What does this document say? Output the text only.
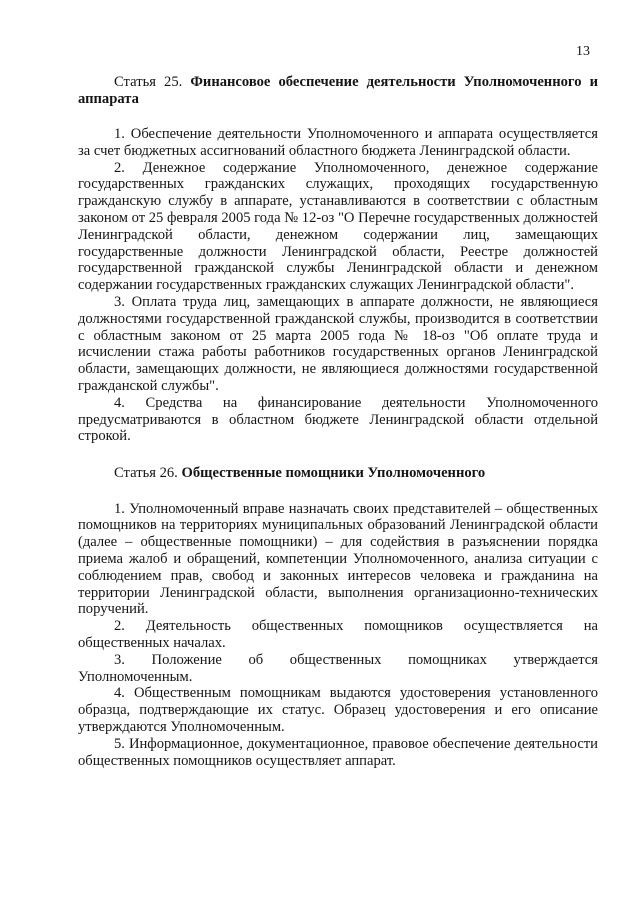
13

Статья 25. Финансовое обеспечение деятельности Уполномоченного и аппарата

1. Обеспечение деятельности Уполномоченного и аппарата осуществляется за счет бюджетных ассигнований областного бюджета Ленинградской области.

2. Денежное содержание Уполномоченного, денежное содержание государственных гражданских служащих, проходящих государственную гражданскую службу в аппарате, устанавливаются в соответствии с областным законом от 25 февраля 2005 года № 12-оз "О Перечне государственных должностей Ленинградской области, денежном содержании лиц, замещающих государственные должности Ленинградской области, Реестре должностей государственной гражданской службы Ленинградской области и денежном содержании государственных гражданских служащих Ленинградской области".

3. Оплата труда лиц, замещающих в аппарате должности, не являющиеся должностями государственной гражданской службы, производится в соответствии с областным законом от 25 марта 2005 года № 18-оз "Об оплате труда и исчислении стажа работы работников государственных органов Ленинградской области, замещающих должности, не являющиеся должностями государственной гражданской службы".

4. Средства на финансирование деятельности Уполномоченного предусматриваются в областном бюджете Ленинградской области отдельной строкой.

Статья 26. Общественные помощники Уполномоченного

1. Уполномоченный вправе назначать своих представителей – общественных помощников на территориях муниципальных образований Ленинградской области (далее – общественные помощники) – для содействия в разъяснении порядка приема жалоб и обращений, компетенции Уполномоченного, анализа ситуации с соблюдением прав, свобод и законных интересов человека и гражданина на территории Ленинградской области, выполнения организационно-технических поручений.

2. Деятельность общественных помощников осуществляется на общественных началах.

3. Положение об общественных помощниках утверждается Уполномоченным.

4. Общественным помощникам выдаются удостоверения установленного образца, подтверждающие их статус. Образец удостоверения и его описание утверждаются Уполномоченным.

5. Информационное, документационное, правовое обеспечение деятельности общественных помощников осуществляет аппарат.
